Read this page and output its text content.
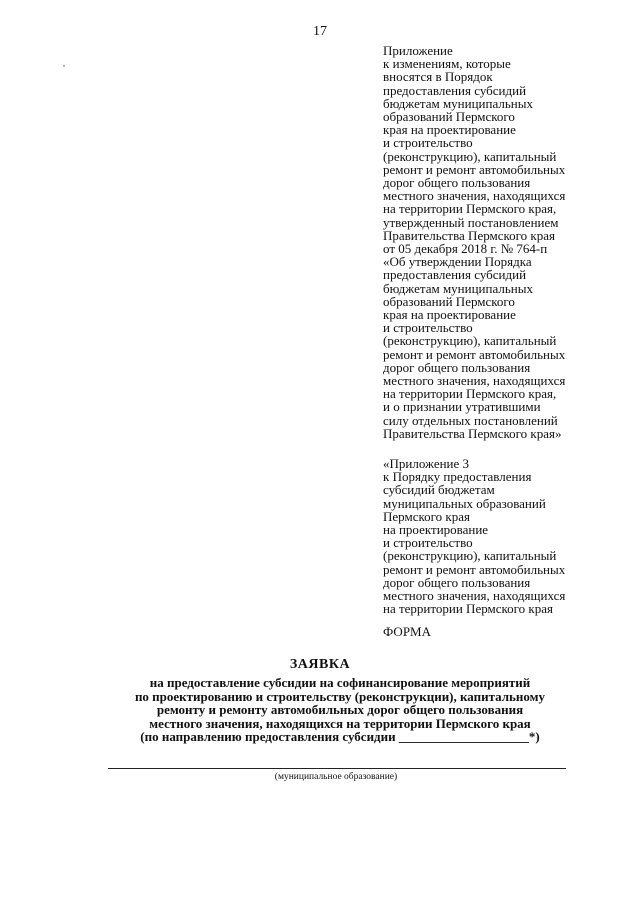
17
Приложение
к изменениям, которые
вносятся в Порядок
предоставления субсидий
бюджетам муниципальных
образований Пермского
края на проектирование
и строительство
(реконструкцию), капитальный
ремонт и ремонт автомобильных
дорог общего пользования
местного значения, находящихся
на территории Пермского края,
утвержденный постановлением
Правительства Пермского края
от 05 декабря 2018 г. № 764-п
«Об утверждении Порядка
предоставления субсидий
бюджетам муниципальных
образований Пермского
края на проектирование
и строительство
(реконструкцию), капитальный
ремонт и ремонт автомобильных
дорог общего пользования
местного значения, находящихся
на территории Пермского края,
и о признании утратившими
силу отдельных постановлений
Правительства Пермского края»
«Приложение 3
к Порядку предоставления
субсидий бюджетам
муниципальных образований
Пермского края
на проектирование
и строительство
(реконструкцию), капитальный
ремонт и ремонт автомобильных
дорог общего пользования
местного значения, находящихся
на территории Пермского края
ФОРМА
ЗАЯВКА
на предоставление субсидии на софинансирование мероприятий
по проектированию и строительству (реконструкции), капитальному
ремонту и ремонту автомобильных дорог общего пользования
местного значения, находящихся на территории Пермского края
(по направлению предоставления субсидии ____________________*)
(муниципальное образование)
